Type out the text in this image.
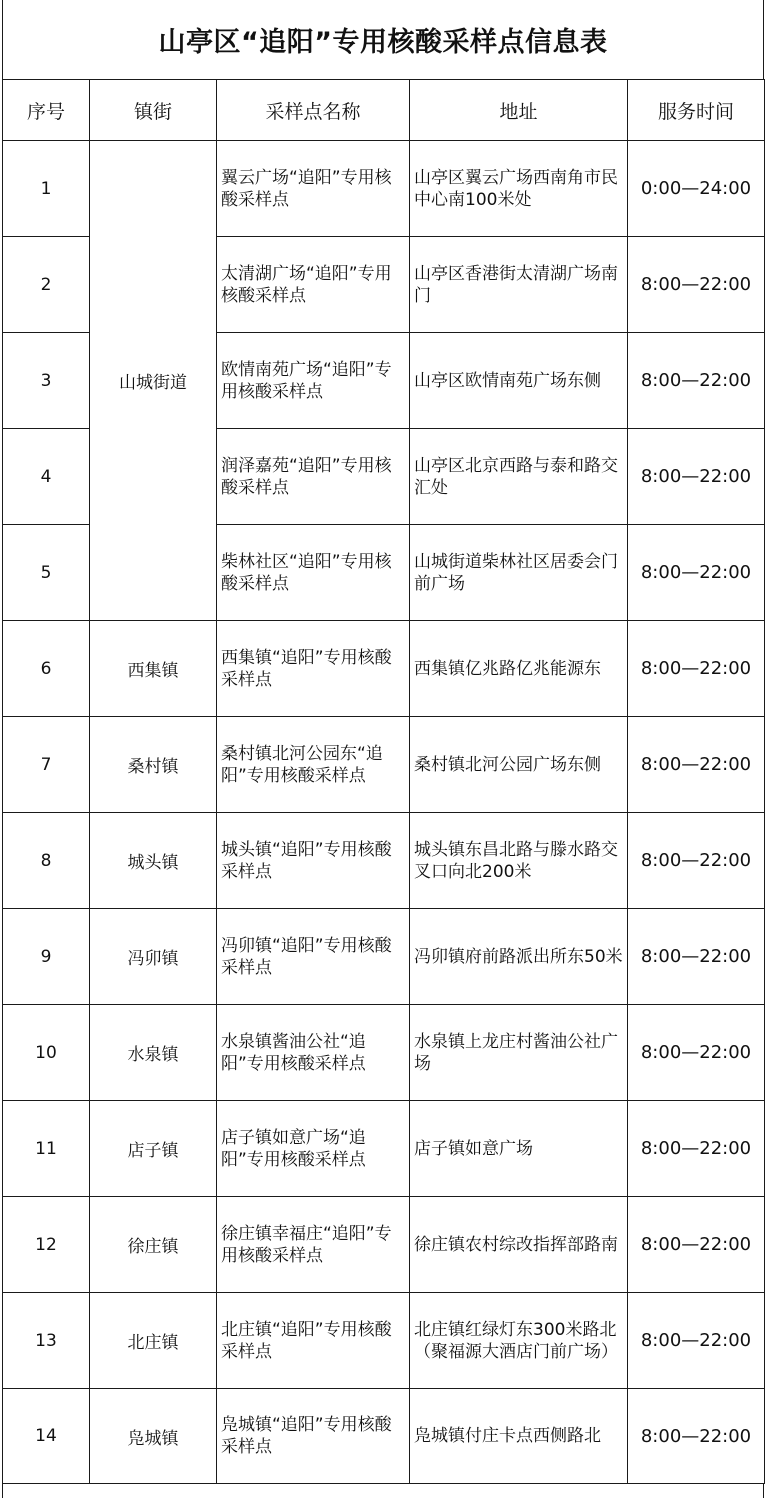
山亭区“追阳”专用核酸采样点信息表
序号	镇街	采样点名称	地址	服务时间
1	山城街道	翼云广场“追阳”专用核酸采样点	山亭区翼云广场西南角市民中心南100米处	0:00—24:00
2		太清湖广场“追阳”专用核酸采样点	山亭区香港街太清湖广场南门	8:00—22:00
3		欧情南苑广场“追阳”专用核酸采样点	山亭区欧情南苑广场东侧	8:00—22:00
4		润泽嘉苑“追阳”专用核酸采样点	山亭区北京西路与泰和路交汇处	8:00—22:00
5		柴林社区“追阳”专用核酸采样点	山城街道柴林社区居委会门前广场	8:00—22:00
6	西集镇	西集镇“追阳”专用核酸采样点	西集镇亿兆路亿兆能源东	8:00—22:00
7	桑村镇	桑村镇北河公园东“追阳”专用核酸采样点	桑村镇北河公园广场东侧	8:00—22:00
8	城头镇	城头镇“追阳”专用核酸采样点	城头镇东昌北路与滕水路交叉口向北200米	8:00—22:00
9	冯卯镇	冯卯镇“追阳”专用核酸采样点	冯卯镇府前路派出所东50米	8:00—22:00
10	水泉镇	水泉镇酱油公社“追阳”专用核酸采样点	水泉镇上龙庄村酱油公社广场	8:00—22:00
11	店子镇	店子镇如意广场“追阳”专用核酸采样点	店子镇如意广场	8:00—22:00
12	徐庄镇	徐庄镇幸福庄“追阳”专用核酸采样点	徐庄镇农村综改指挥部路南	8:00—22:00
13	北庄镇	北庄镇“追阳”专用核酸采样点	北庄镇红绿灯东300米路北（聚福源大酒店门前广场）	8:00—22:00
14	凫城镇	凫城镇“追阳”专用核酸采样点	凫城镇付庄卡点西侧路北	8:00—22:00
